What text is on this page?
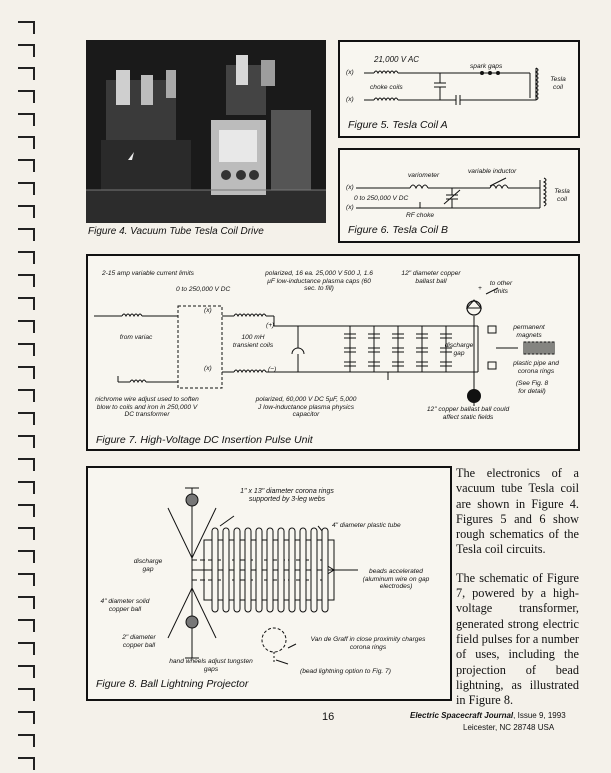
Figure 4. Vacuum Tube Tesla Coil Drive
21,000 V AC
spark gaps
(x)
choke coils
(x)
Tesla coil
Figure 5. Tesla Coil A
variometer
variable inductor
(x)
0 to 250,000 V DC
(x)
RF choke
Tesla coil
Figure 6. Tesla Coil B
2-15 amp variable current limits
0 to 250,000 V DC
(x)
(x)
(+)
(−)
polarized, 16 ea. 25,000 V 500 J, 1.6 µF low-inductance plasma caps (60 sec. to fill)
12" diameter copper ballast ball	to other units
+
from variac	100 mH transient coils
permanent magnets
discharge gap
plastic pipe and corona rings
(See Fig. 8 for detail)
nichrome wire adjust used to soften blow to coils and iron in 250,000 V DC transformer
polarized, 60,000 V DC 5µF, 5,000 J low-inductance plasma physics capacitor
12" copper ballast ball could affect static fields
Figure 7. High-Voltage DC Insertion Pulse Unit
1" x 13" diameter corona rings supported by 3-leg webs
4" diameter plastic tube
discharge gap
4" diameter solid copper ball
beads accelerated (aluminum wire on gap electrodes)
2" diameter copper ball
hand wheels adjust tungsten gaps
Van de Graff in close proximity charges corona rings
(bead lightning option to Fig. 7)
Figure 8. Ball Lightning Projector

The electronics of a vacuum tube Tesla coil are shown in Figure 4. Figures 5 and 6 show rough schematics of the Tesla coil circuits.

The schematic of Figure 7, powered by a high-voltage transformer, generated strong electric field pulses for a number of uses, including the projection of bead lightning, as illustrated in Figure 8.

16	Electric Spacecraft Journal, Issue 9, 1993
Leicester, NC 28748 USA
